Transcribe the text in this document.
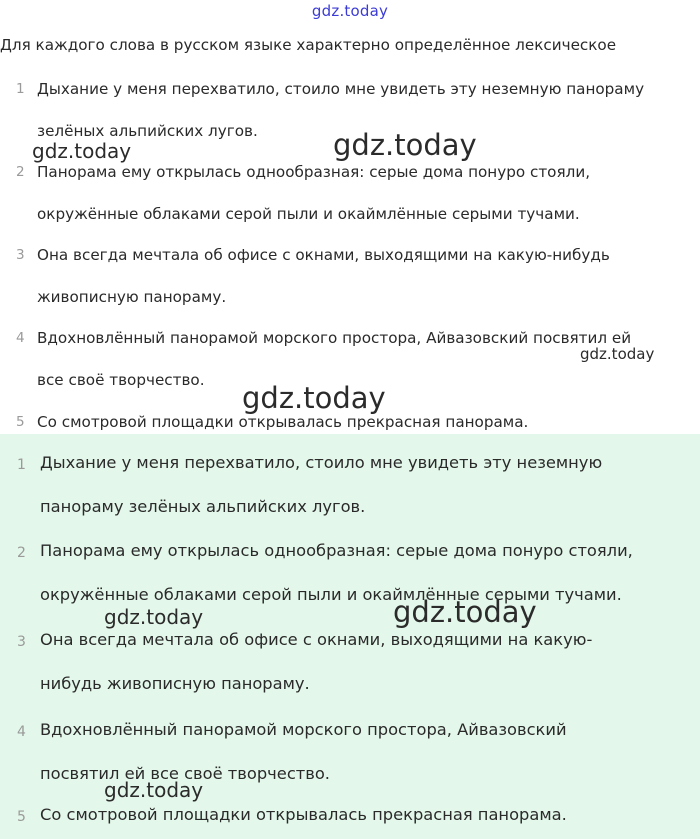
gdz.today
Для каждого слова в русском языке характерно определённое лексическое
1 Дыхание у меня перехватило, стоило мне увидеть эту неземную панораму
зелёных альпийских лугов.
2 Панорама ему открылась однообразная: серые дома понуро стояли,
окружённые облаками серой пыли и окаймлённые серыми тучами.
3 Она всегда мечтала об офисе с окнами, выходящими на какую-нибудь
живописную панораму.
4 Вдохновлённый панорамой морского простора, Айвазовский посвятил ей
все своё творчество.
5 Со смотровой площадки открывалась прекрасная панорама.
1 Дыхание у меня перехватило, стоило мне увидеть эту неземную
панораму зелёных альпийских лугов.
2 Панорама ему открылась однообразная: серые дома понуро стояли,
окружённые облаками серой пыли и окаймлённые серыми тучами.
3 Она всегда мечтала об офисе с окнами, выходящими на какую-
нибудь живописную панораму.
4 Вдохновлённый панорамой морского простора, Айвазовский
посвятил ей все своё творчество.
5 Со смотровой площадки открывалась прекрасная панорама.
gdz.today	gdz.today
gdz.today
gdz.today
gdz.today	gdz.today
gdz.today
